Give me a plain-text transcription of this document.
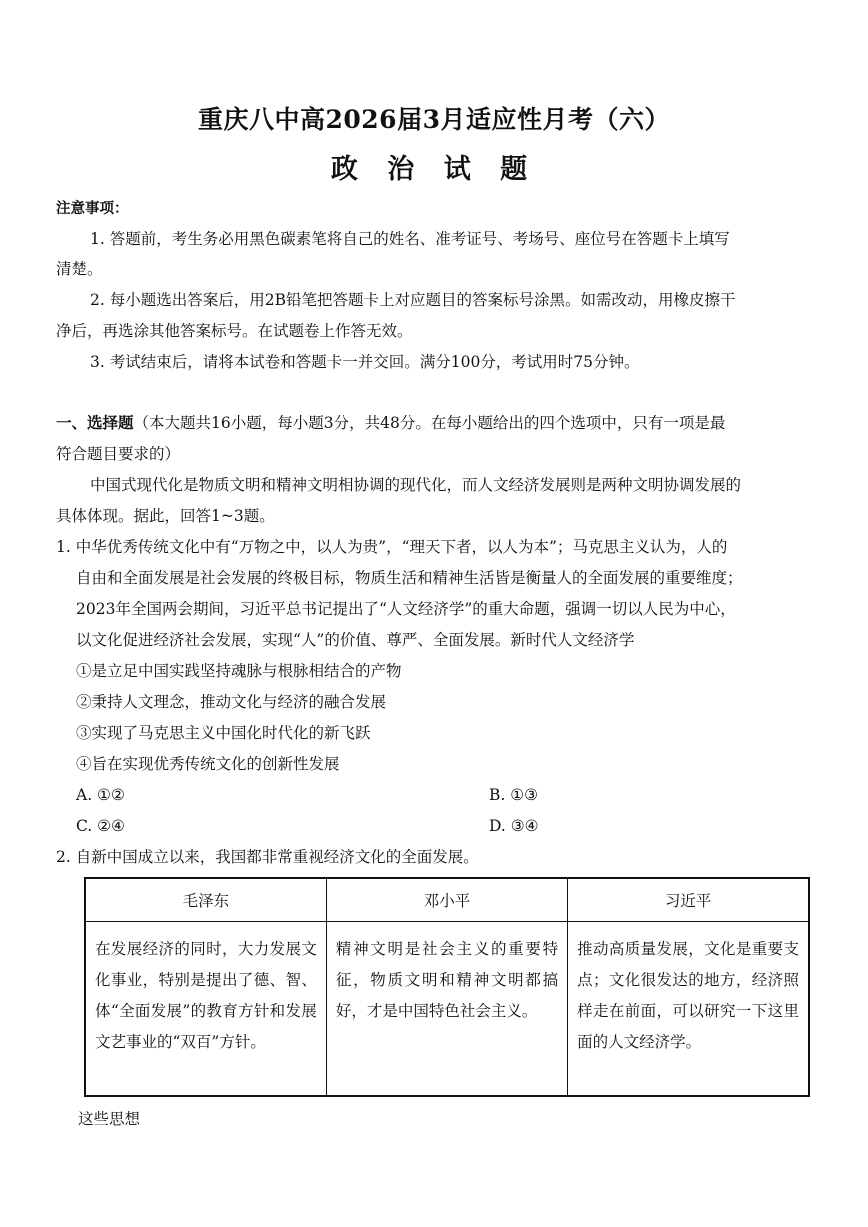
重庆八中高2026届3月适应性月考（六）
政 治 试 题
注意事项：
1. 答题前，考生务必用黑色碳素笔将自己的姓名、准考证号、考场号、座位号在答题卡上填写
清楚。
2. 每小题选出答案后，用2B铅笔把答题卡上对应题目的答案标号涂黑。如需改动，用橡皮擦干
净后，再选涂其他答案标号。在试题卷上作答无效。
3. 考试结束后，请将本试卷和答题卡一并交回。满分100分，考试用时75分钟。
一、选择题（本大题共16小题，每小题3分，共48分。在每小题给出的四个选项中，只有一项是最
符合题目要求的）
中国式现代化是物质文明和精神文明相协调的现代化，而人文经济发展则是两种文明协调发展的
具体体现。据此，回答1~3题。
1. 中华优秀传统文化中有“万物之中，以人为贵”，“理天下者，以人为本”；马克思主义认为，人的
自由和全面发展是社会发展的终极目标，物质生活和精神生活皆是衡量人的全面发展的重要维度；
2023年全国两会期间，习近平总书记提出了“人文经济学”的重大命题，强调一切以人民为中心，
以文化促进经济社会发展，实现“人”的价值、尊严、全面发展。新时代人文经济学
①是立足中国实践坚持魂脉与根脉相结合的产物
②秉持人文理念，推动文化与经济的融合发展
③实现了马克思主义中国化时代化的新飞跃
④旨在实现优秀传统文化的创新性发展
A. ①②	B. ①③
C. ②④	D. ③④
2. 自新中国成立以来，我国都非常重视经济文化的全面发展。
毛泽东	邓小平	习近平
在发展经济的同时，大力发展文化事业，特别是提出了德、智、体“全面发展”的教育方针和发展文艺事业的“双百”方针。	精神文明是社会主义的重要特征，物质文明和精神文明都搞好，才是中国特色社会主义。	推动高质量发展，文化是重要支点；文化很发达的地方，经济照样走在前面，可以研究一下这里面的人文经济学。
这些思想
